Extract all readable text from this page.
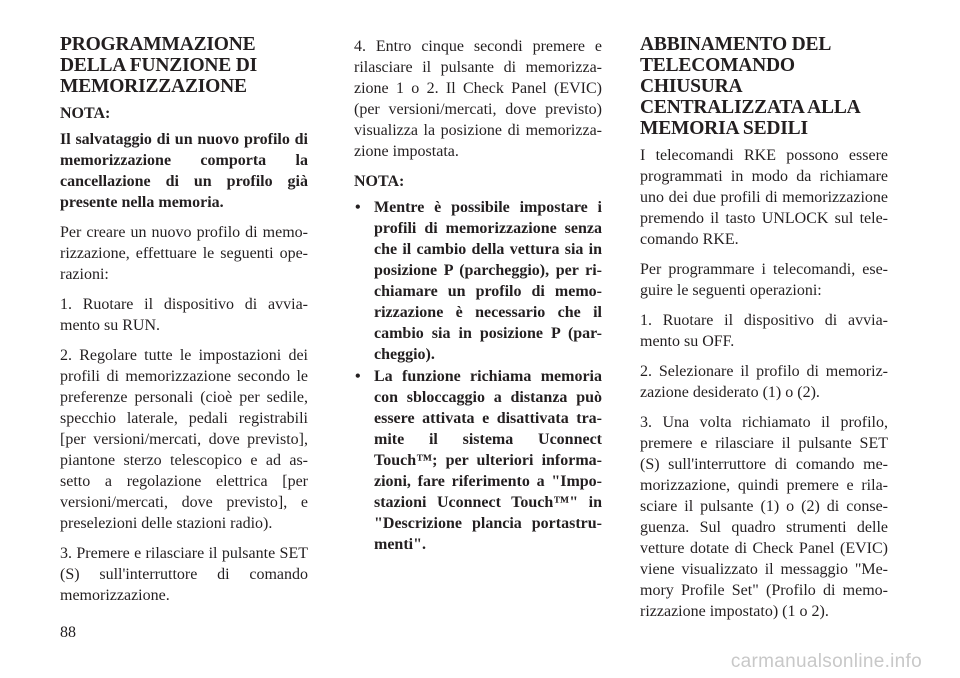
PROGRAMMAZIONE DELLA FUNZIONE DI MEMORIZZAZIONE

NOTA:

Il salvataggio di un nuovo profilo di memorizzazione comporta la cancellazione di un profilo già presente nella memoria.

Per creare un nuovo profilo di memo-rizzazione, effettuare le seguenti ope-razioni:

1. Ruotare il dispositivo di avvia-mento su RUN.

2. Regolare tutte le impostazioni dei profili di memorizzazione secondo le preferenze personali (cioè per sedile, specchio laterale, pedali registrabili [per versioni/mercati, dove previsto], piantone sterzo telescopico e ad as-setto a regolazione elettrica [per versioni/mercati, dove previsto], e preselezioni delle stazioni radio).

3. Premere e rilasciare il pulsante SET (S) sull'interruttore di comando memorizzazione.

4. Entro cinque secondi premere e rilasciare il pulsante di memorizza-zione 1 o 2. Il Check Panel (EVIC) (per versioni/mercati, dove previsto) visualizza la posizione di memorizza-zione impostata.

NOTA:

• Mentre è possibile impostare i profili di memorizzazione senza che il cambio della vettura sia in posizione P (parcheggio), per ri-chiamare un profilo di memo-rizzazione è necessario che il cambio sia in posizione P (par-cheggio).
• La funzione richiama memoria con sbloccaggio a distanza può essere attivata e disattivata tra-mite il sistema Uconnect Touch™; per ulteriori informa-zioni, fare riferimento a "Impo-stazioni Uconnect Touch™" in "Descrizione plancia portastru-menti".
ABBINAMENTO DEL TELECOMANDO CHIUSURA CENTRALIZZATA ALLA MEMORIA SEDILI

I telecomandi RKE possono essere programmati in modo da richiamare uno dei due profili di memorizzazione premendo il tasto UNLOCK sul tele-comando RKE.

Per programmare i telecomandi, ese-guire le seguenti operazioni:

1. Ruotare il dispositivo di avvia-mento su OFF.

2. Selezionare il profilo di memoriz-zazione desiderato (1) o (2).

3. Una volta richiamato il profilo, premere e rilasciare il pulsante SET (S) sull'interruttore di comando me-morizzazione, quindi premere e rila-sciare il pulsante (1) o (2) di conse-guenza. Sul quadro strumenti delle vetture dotate di Check Panel (EVIC) viene visualizzato il messaggio "Me-mory Profile Set" (Profilo di memo-rizzazione impostato) (1 o 2).

88
carmanualsonline.info
